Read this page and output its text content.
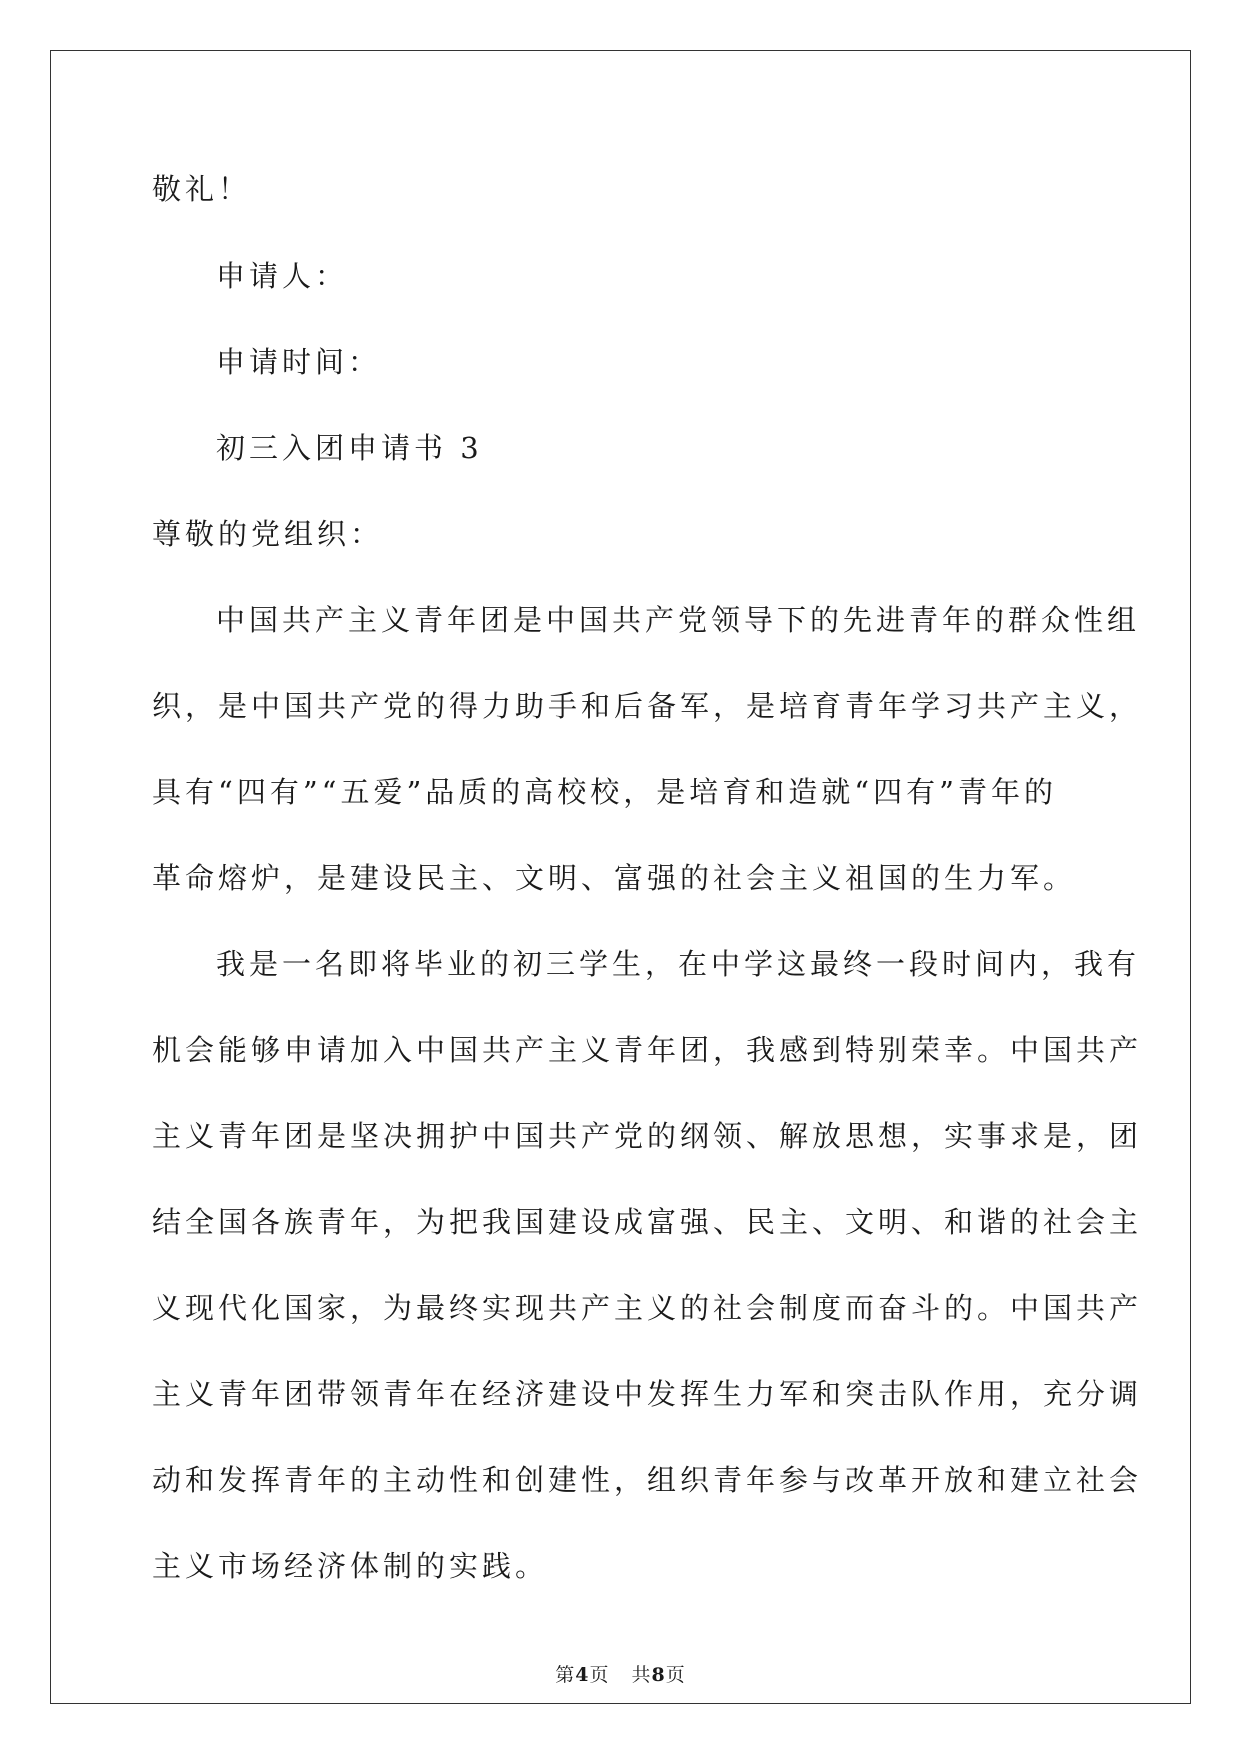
敬礼！
申请人：
申请时间：
初三入团申请书 3
尊敬的党组织：
中国共产主义青年团是中国共产党领导下的先进青年的群众性组
织，是中国共产党的得力助手和后备军，是培育青年学习共产主义，
具有“四有”“五爱”品质的高校校，是培育和造就“四有”青年的
革命熔炉，是建设民主、文明、富强的社会主义祖国的生力军。
我是一名即将毕业的初三学生，在中学这最终一段时间内，我有
机会能够申请加入中国共产主义青年团，我感到特别荣幸。中国共产
主义青年团是坚决拥护中国共产党的纲领、解放思想，实事求是，团
结全国各族青年，为把我国建设成富强、民主、文明、和谐的社会主
义现代化国家，为最终实现共产主义的社会制度而奋斗的。中国共产
主义青年团带领青年在经济建设中发挥生力军和突击队作用，充分调
动和发挥青年的主动性和创建性，组织青年参与改革开放和建立社会
主义市场经济体制的实践。
第4页 共8页
